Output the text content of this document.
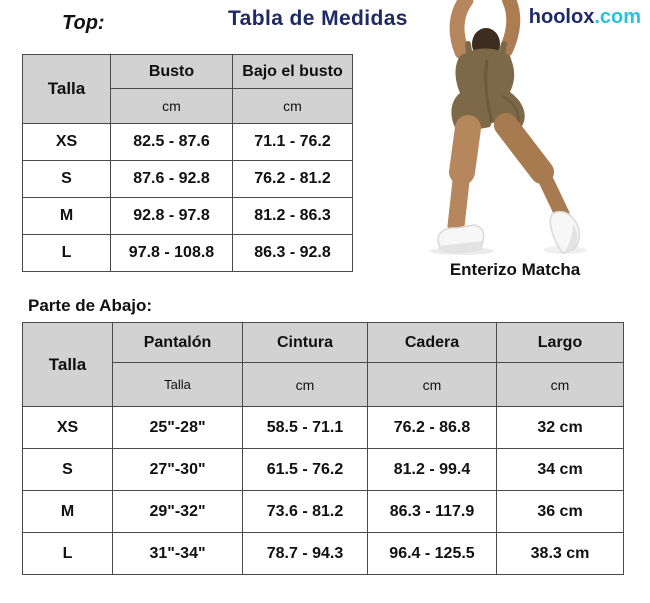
Top:	Tabla de Medidas	hoolox.com
Talla	Busto	Bajo el busto
	cm	cm
XS	82.5 - 87.6	71.1 - 76.2
S	87.6 - 92.8	76.2 - 81.2
M	92.8 - 97.8	81.2 - 86.3
L	97.8 - 108.8	86.3 - 92.8
Enterizo Matcha
Parte de Abajo:
Talla	Pantalón	Cintura	Cadera	Largo
	Talla	cm	cm	cm
XS	25"-28"	58.5 - 71.1	76.2 - 86.8	32 cm
S	27"-30"	61.5 - 76.2	81.2 - 99.4	34 cm
M	29"-32"	73.6 - 81.2	86.3 - 117.9	36 cm
L	31"-34"	78.7 - 94.3	96.4 - 125.5	38.3 cm
